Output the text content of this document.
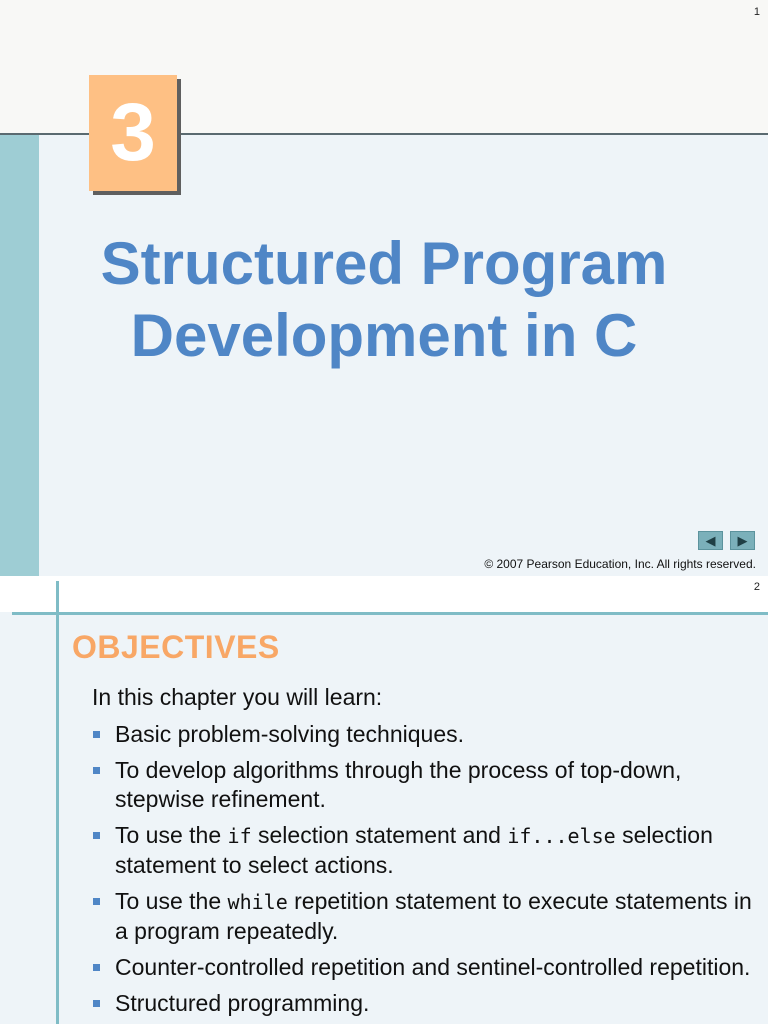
1
3
Structured Program
Development in C
◀ ▶
© 2007 Pearson Education, Inc. All rights reserved.
2
OBJECTIVES
In this chapter you will learn:
Basic problem-solving techniques.
To develop algorithms through the process of top-down, stepwise refinement.
To use the if selection statement and if...else selection statement to select actions.
To use the while repetition statement to execute statements in a program repeatedly.
Counter-controlled repetition and sentinel-controlled repetition.
Structured programming.
